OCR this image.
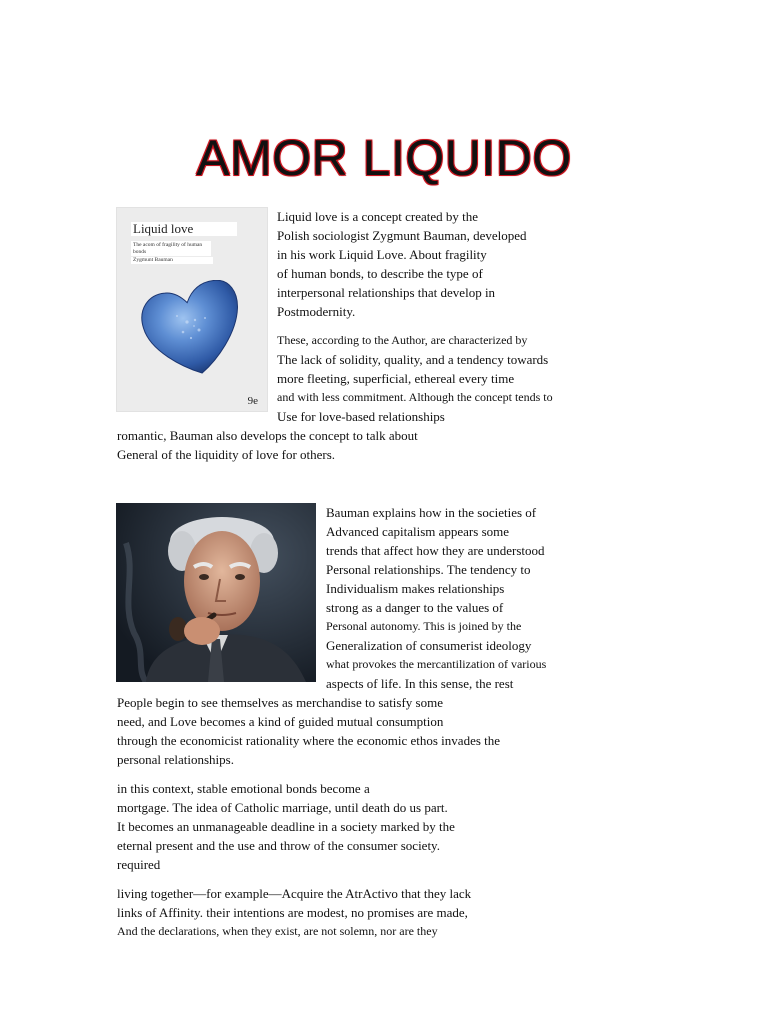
AMOR LIQUIDO
Liquid love
The acom of fragility of human bonds
Zygmunt Bauman
9e
Liquid love is a concept created by the
Polish sociologist Zygmunt Bauman, developed
in his work Liquid Love. About fragility
of human bonds, to describe the type of
interpersonal relationships that develop in
Postmodernity.
These, according to the Author, are characterized by
The lack of solidity, quality, and a tendency towards
more fleeting, superficial, ethereal every time
and with less commitment. Although the concept tends to
Use for love-based relationships
romantic, Bauman also develops the concept to talk about
General of the liquidity of love for others.
Bauman explains how in the societies of
Advanced capitalism appears some
trends that affect how they are understood
Personal relationships. The tendency to
Individualism makes relationships
strong as a danger to the values of
Personal autonomy. This is joined by the
Generalization of consumerist ideology
what provokes the mercantilization of various
aspects of life. In this sense, the rest
People begin to see themselves as merchandise to satisfy some
need, and Love becomes a kind of guided mutual consumption
through the economicist rationality where the economic ethos invades the
personal relationships.
in this context, stable emotional bonds become a
mortgage. The idea of Catholic marriage, until death do us part.
It becomes an unmanageable deadline in a society marked by the
eternal present and the use and throw of the consumer society.
required
living together—for example—Acquire the AtrActivo that they lack
links of Affinity. their intentions are modest, no promises are made,
And the declarations, when they exist, are not solemn, nor are they
